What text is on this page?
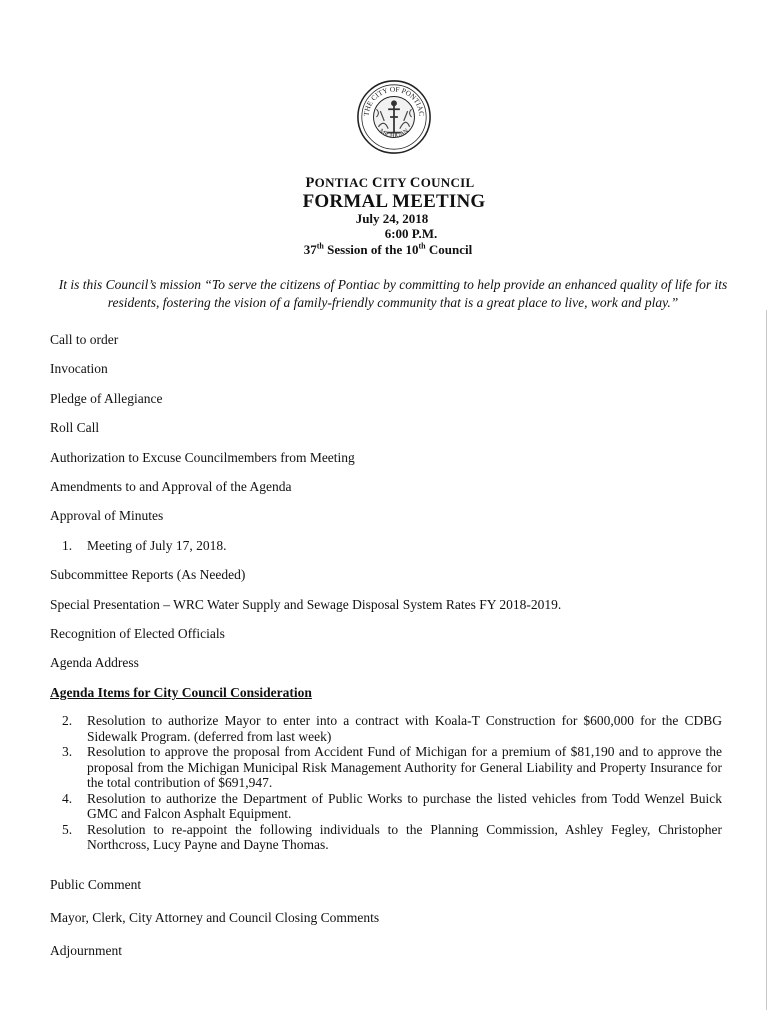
THE CITY OF PONTIAC
MICHIGAN
PONTIAC CITY COUNCIL
FORMAL MEETING
July 24, 2018
6:00 P.M.
37th Session of the 10th Council
It is this Council’s mission “To serve the citizens of Pontiac by committing to help provide an enhanced quality of life for its residents, fostering the vision of a family-friendly community that is a great place to live, work and play.”
Call to order
Invocation
Pledge of Allegiance
Roll Call
Authorization to Excuse Councilmembers from Meeting
Amendments to and Approval of the Agenda
Approval of Minutes
1.	Meeting of July 17, 2018.
Subcommittee Reports (As Needed)
Special Presentation – WRC Water Supply and Sewage Disposal System Rates FY 2018-2019.
Recognition of Elected Officials
Agenda Address
Agenda Items for City Council Consideration
2.	Resolution to authorize Mayor to enter into a contract with Koala-T Construction for $600,000 for the CDBG Sidewalk Program. (deferred from last week)
3.	Resolution to approve the proposal from Accident Fund of Michigan for a premium of $81,190 and to approve the proposal from the Michigan Municipal Risk Management Authority for General Liability and Property Insurance for the total contribution of $691,947.
4.	Resolution to authorize the Department of Public Works to purchase the listed vehicles from Todd Wenzel Buick GMC and Falcon Asphalt Equipment.
5.	Resolution to re-appoint the following individuals to the Planning Commission, Ashley Fegley, Christopher Northcross, Lucy Payne and Dayne Thomas.
Public Comment
Mayor, Clerk, City Attorney and Council Closing Comments
Adjournment
